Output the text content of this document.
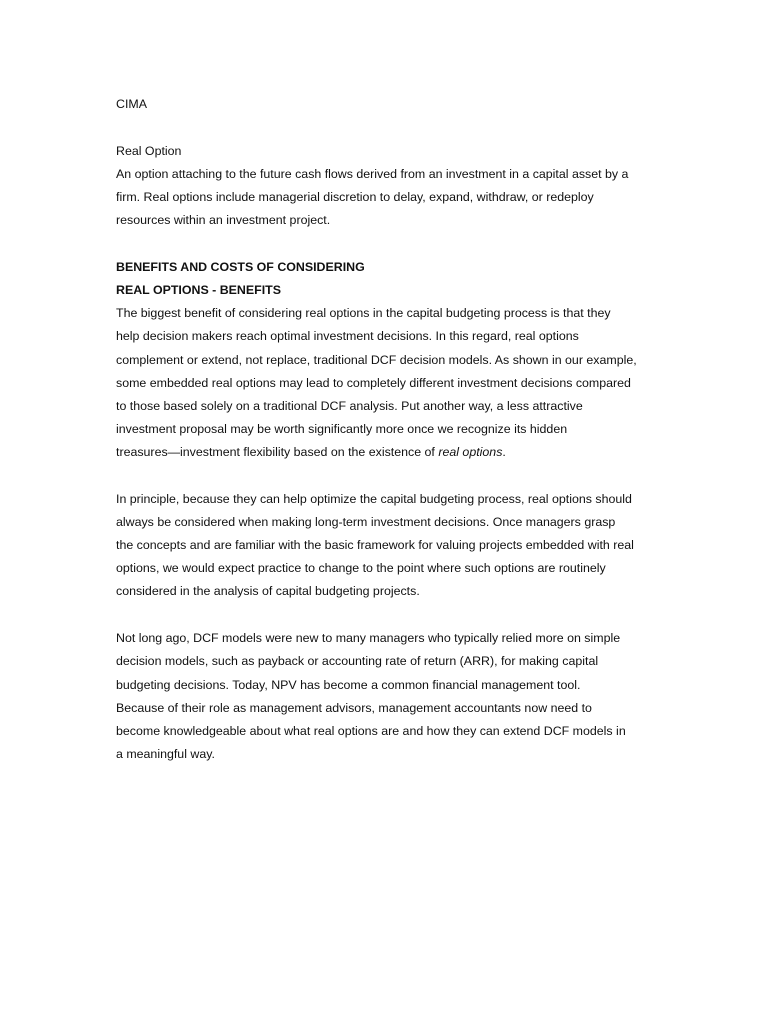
CIMA
Real Option
An option attaching to the future cash flows derived from an investment in a capital asset by a
firm. Real options include managerial discretion to delay, expand, withdraw, or redeploy
resources within an investment project.
BENEFITS AND COSTS OF CONSIDERING
REAL OPTIONS - BENEFITS
The biggest benefit of considering real options in the capital budgeting process is that they
help decision makers reach optimal investment decisions. In this regard, real options
complement or extend, not replace, traditional DCF decision models. As shown in our example,
some embedded real options may lead to completely different investment decisions compared
to those based solely on a traditional DCF analysis. Put another way, a less attractive
investment proposal may be worth significantly more once we recognize its hidden
treasures—investment flexibility based on the existence of real options.
In principle, because they can help optimize the capital budgeting process, real options should
always be considered when making long-term investment decisions. Once managers grasp
the concepts and are familiar with the basic framework for valuing projects embedded with real
options, we would expect practice to change to the point where such options are routinely
considered in the analysis of capital budgeting projects.
Not long ago, DCF models were new to many managers who typically relied more on simple
decision models, such as payback or accounting rate of return (ARR), for making capital
budgeting decisions. Today, NPV has become a common financial management tool.
Because of their role as management advisors, management accountants now need to
become knowledgeable about what real options are and how they can extend DCF models in
a meaningful way.
